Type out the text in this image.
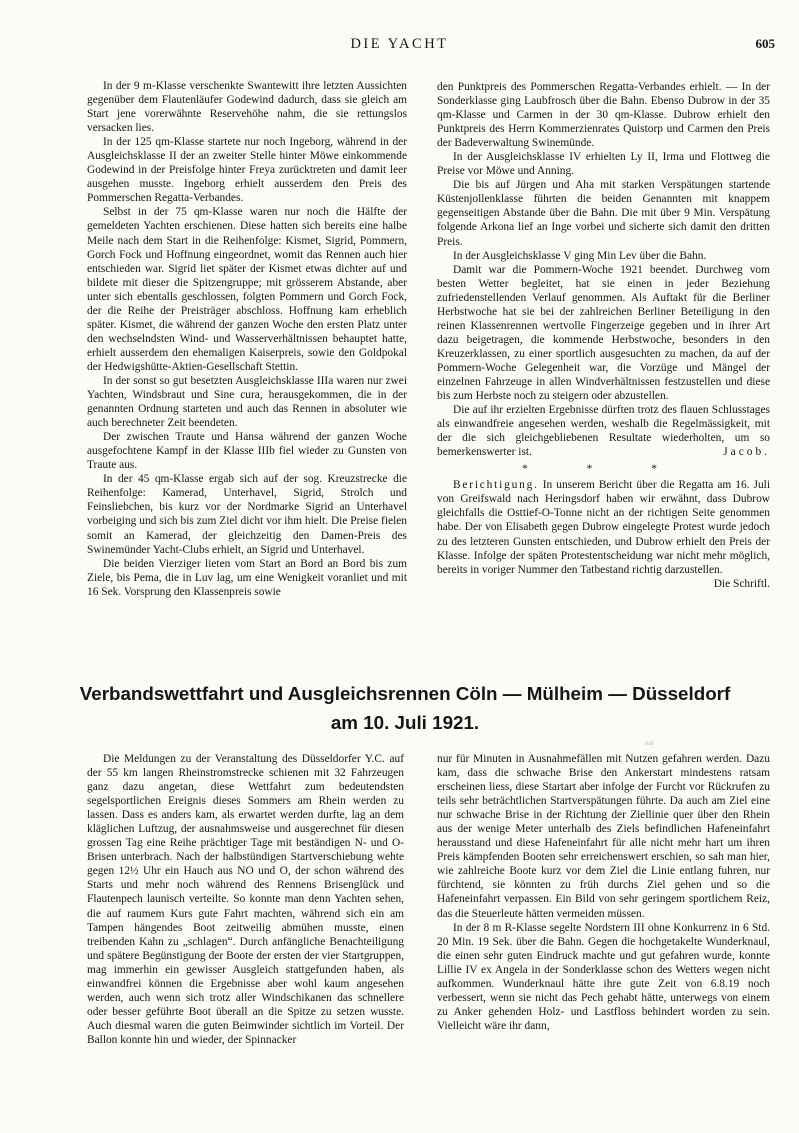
DIE YACHT	605

In der 9 m-Klasse verschenkte Swantewitt ihre letzten Aussichten gegenüber dem Flautenläufer Godewind dadurch, dass sie gleich am Start jene vorerwähnte Reservehöhe nahm, die sie rettungslos versacken lies.

In der 125 qm-Klasse startete nur noch Ingeborg, während in der Ausgleichsklasse II der an zweiter Stelle hinter Möwe einkommende Godewind in der Preisfolge hinter Freya zurücktreten und damit leer ausgehen musste. Ingeborg erhielt ausserdem den Preis des Pommerschen Regatta-Verbandes.

Selbst in der 75 qm-Klasse waren nur noch die Hälfte der gemeldeten Yachten erschienen. Diese hatten sich bereits eine halbe Meile nach dem Start in die Reihenfolge: Kismet, Sigrid, Pommern, Gorch Fock und Hoffnung eingeordnet, womit das Rennen auch hier entschieden war. Sigrid liet später der Kismet etwas dichter auf und bildete mit dieser die Spitzengruppe; mit grösserem Abstande, aber unter sich ebentalls geschlossen, folgten Pommern und Gorch Fock, der die Reihe der Preisträger abschloss. Hoffnung kam erheblich später. Kismet, die während der ganzen Woche den ersten Platz unter den wechselndsten Wind- und Wasserverhältnissen behauptet hatte, erhielt ausserdem den ehemaligen Kaiserpreis, sowie den Goldpokal der Hedwigshütte-Aktien-Gesellschaft Stettin.

In der sonst so gut besetzten Ausgleichsklasse IIIa waren nur zwei Yachten, Windsbraut und Sine cura, herausgekommen, die in der genannten Ordnung starteten und auch das Rennen in absoluter wie auch berechneter Zeit beendeten.

Der zwischen Traute und Hansa während der ganzen Woche ausgefochtene Kampf in der Klasse IIIb fiel wieder zu Gunsten von Traute aus.

In der 45 qm-Klasse ergab sich auf der sog. Kreuzstrecke die Reihenfolge: Kamerad, Unterhavel, Sigrid, Strolch und Feinsliebchen, bis kurz vor der Nordmarke Sigrid an Unterhavel vorbeiging und sich bis zum Ziel dicht vor ihm hielt. Die Preise fielen somit an Kamerad, der gleichzeitig den Damen-Preis des Swinemünder Yacht-Clubs erhielt, an Sigrid und Unterhavel.

Die beiden Vierziger lieten vom Start an Bord an Bord bis zum Ziele, bis Pema, die in Luv lag, um eine Wenigkeit voranliet und mit 16 Sek. Vorsprung den Klassenpreis sowie

den Punktpreis des Pommerschen Regatta-Verbandes erhielt. — In der Sonderklasse ging Laubfrosch über die Bahn. Ebenso Dubrow in der 35 qm-Klasse und Carmen in der 30 qm-Klasse. Dubrow erhielt den Punktpreis des Herrn Kommerzienrates Quistorp und Carmen den Preis der Badeverwaltung Swinemünde.

In der Ausgleichsklasse IV erhielten Ly II, Irma und Flottweg die Preise vor Möwe und Anning.

Die bis auf Jürgen und Aha mit starken Verspätungen startende Küstenjollenklasse führten die beiden Genannten mit knappem gegenseitigen Abstande über die Bahn. Die mit über 9 Min. Verspätung folgende Arkona lief an Inge vorbei und sicherte sich damit den dritten Preis.

In der Ausgleichsklasse V ging Min Lev über die Bahn.

Damit war die Pommern-Woche 1921 beendet. Durchweg vom besten Wetter begleitet, hat sie einen in jeder Beziehung zufriedenstellenden Verlauf genommen. Als Auftakt für die Berliner Herbstwoche hat sie bei der zahlreichen Berliner Beteiligung in den reinen Klassenrennen wertvolle Fingerzeige gegeben und in ihrer Art dazu beigetragen, die kommende Herbstwoche, besonders in den Kreuzerklassen, zu einer sportlich ausgesuchten zu machen, da auf der Pommern-Woche Gelegenheit war, die Vorzüge und Mängel der einzelnen Fahrzeuge in allen Windverhältnissen festzustellen und diese bis zum Herbste noch zu steigern oder abzustellen.

Die auf ihr erzielten Ergebnisse dürften trotz des flauen Schlusstages als einwandfreie angesehen werden, weshalb die Regelmässigkeit, mit der die sich gleichgebliebenen Resultate wiederholten, um so bemerkenswerter ist.	Jacob.

* * *

Berichtigung. In unserem Bericht über die Regatta am 16. Juli von Greifswald nach Heringsdorf haben wir erwähnt, dass Dubrow gleichfalls die Osttief-O-Tonne nicht an der richtigen Seite genommen habe. Der von Elisabeth gegen Dubrow eingelegte Protest wurde jedoch zu des letzteren Gunsten entschieden, und Dubrow erhielt den Preis der Klasse. Infolge der späten Protestentscheidung war nicht mehr möglich, bereits in voriger Nummer den Tatbestand richtig darzustellen.
Die Schriftl.

Verbandswettfahrt und Ausgleichsrennen Cöln — Mülheim — Düsseldorf
am 10. Juli 1921.
Sab

Die Meldungen zu der Veranstaltung des Düsseldorfer Y.C. auf der 55 km langen Rheinstromstrecke schienen mit 32 Fahrzeugen ganz dazu angetan, diese Wettfahrt zum bedeutendsten segelsportlichen Ereignis dieses Sommers am Rhein werden zu lassen. Dass es anders kam, als erwartet werden durfte, lag an dem kläglichen Luftzug, der ausnahmsweise und ausgerechnet für diesen grossen Tag eine Reihe prächtiger Tage mit beständigen N- und O-Brisen unterbrach. Nach der halbstündigen Startverschiebung wehte gegen 12½ Uhr ein Hauch aus NO und O, der schon während des Starts und mehr noch während des Rennens Brisenglück und Flautenpech launisch verteilte. So konnte man denn Yachten sehen, die auf raumem Kurs gute Fahrt machten, während sich ein am Tampen hängendes Boot zeitweilig abmühen musste, einen treibenden Kahn zu „schlagen“. Durch anfängliche Benachteiligung und spätere Begünstigung der Boote der ersten der vier Startgruppen, mag immerhin ein gewisser Ausgleich stattgefunden haben, als einwandfrei können die Ergebnisse aber wohl kaum angesehen werden, auch wenn sich trotz aller Windschikanen das schnellere oder besser geführte Boot überall an die Spitze zu setzen wusste. Auch diesmal waren die guten Beimwinder sichtlich im Vorteil. Der Ballon konnte hin und wieder, der Spinnacker

nur für Minuten in Ausnahmefällen mit Nutzen gefahren werden. Dazu kam, dass die schwache Brise den Ankerstart mindestens ratsam erscheinen liess, diese Startart aber infolge der Furcht vor Rückrufen zu teils sehr beträchtlichen Startverspätungen führte. Da auch am Ziel eine nur schwache Brise in der Richtung der Ziellinie quer über den Rhein aus der wenige Meter unterhalb des Ziels befindlichen Hafeneinfahrt herausstand und diese Hafeneinfahrt für alle nicht mehr hart um ihren Preis kämpfenden Booten sehr erreichenswert erschien, so sah man hier, wie zahlreiche Boote kurz vor dem Ziel die Linie entlang fuhren, nur fürchtend, sie könnten zu früh durchs Ziel gehen und so die Hafeneinfahrt verpassen. Ein Bild von sehr geringem sportlichem Reiz, das die Steuerleute hätten vermeiden müssen.

In der 8 m R-Klasse segelte Nordstern III ohne Konkurrenz in 6 Std. 20 Min. 19 Sek. über die Bahn. Gegen die hochgetakelte Wunderknaul, die einen sehr guten Eindruck machte und gut gefahren wurde, konnte Lillie IV ex Angela in der Sonderklasse schon des Wetters wegen nicht aufkommen. Wunderknaul hätte ihre gute Zeit von 6.8.19 noch verbessert, wenn sie nicht das Pech gehabt hätte, unterwegs von einem zu Anker gehenden Holz- und Lastfloss behindert worden zu sein. Vielleicht wäre ihr dann,
